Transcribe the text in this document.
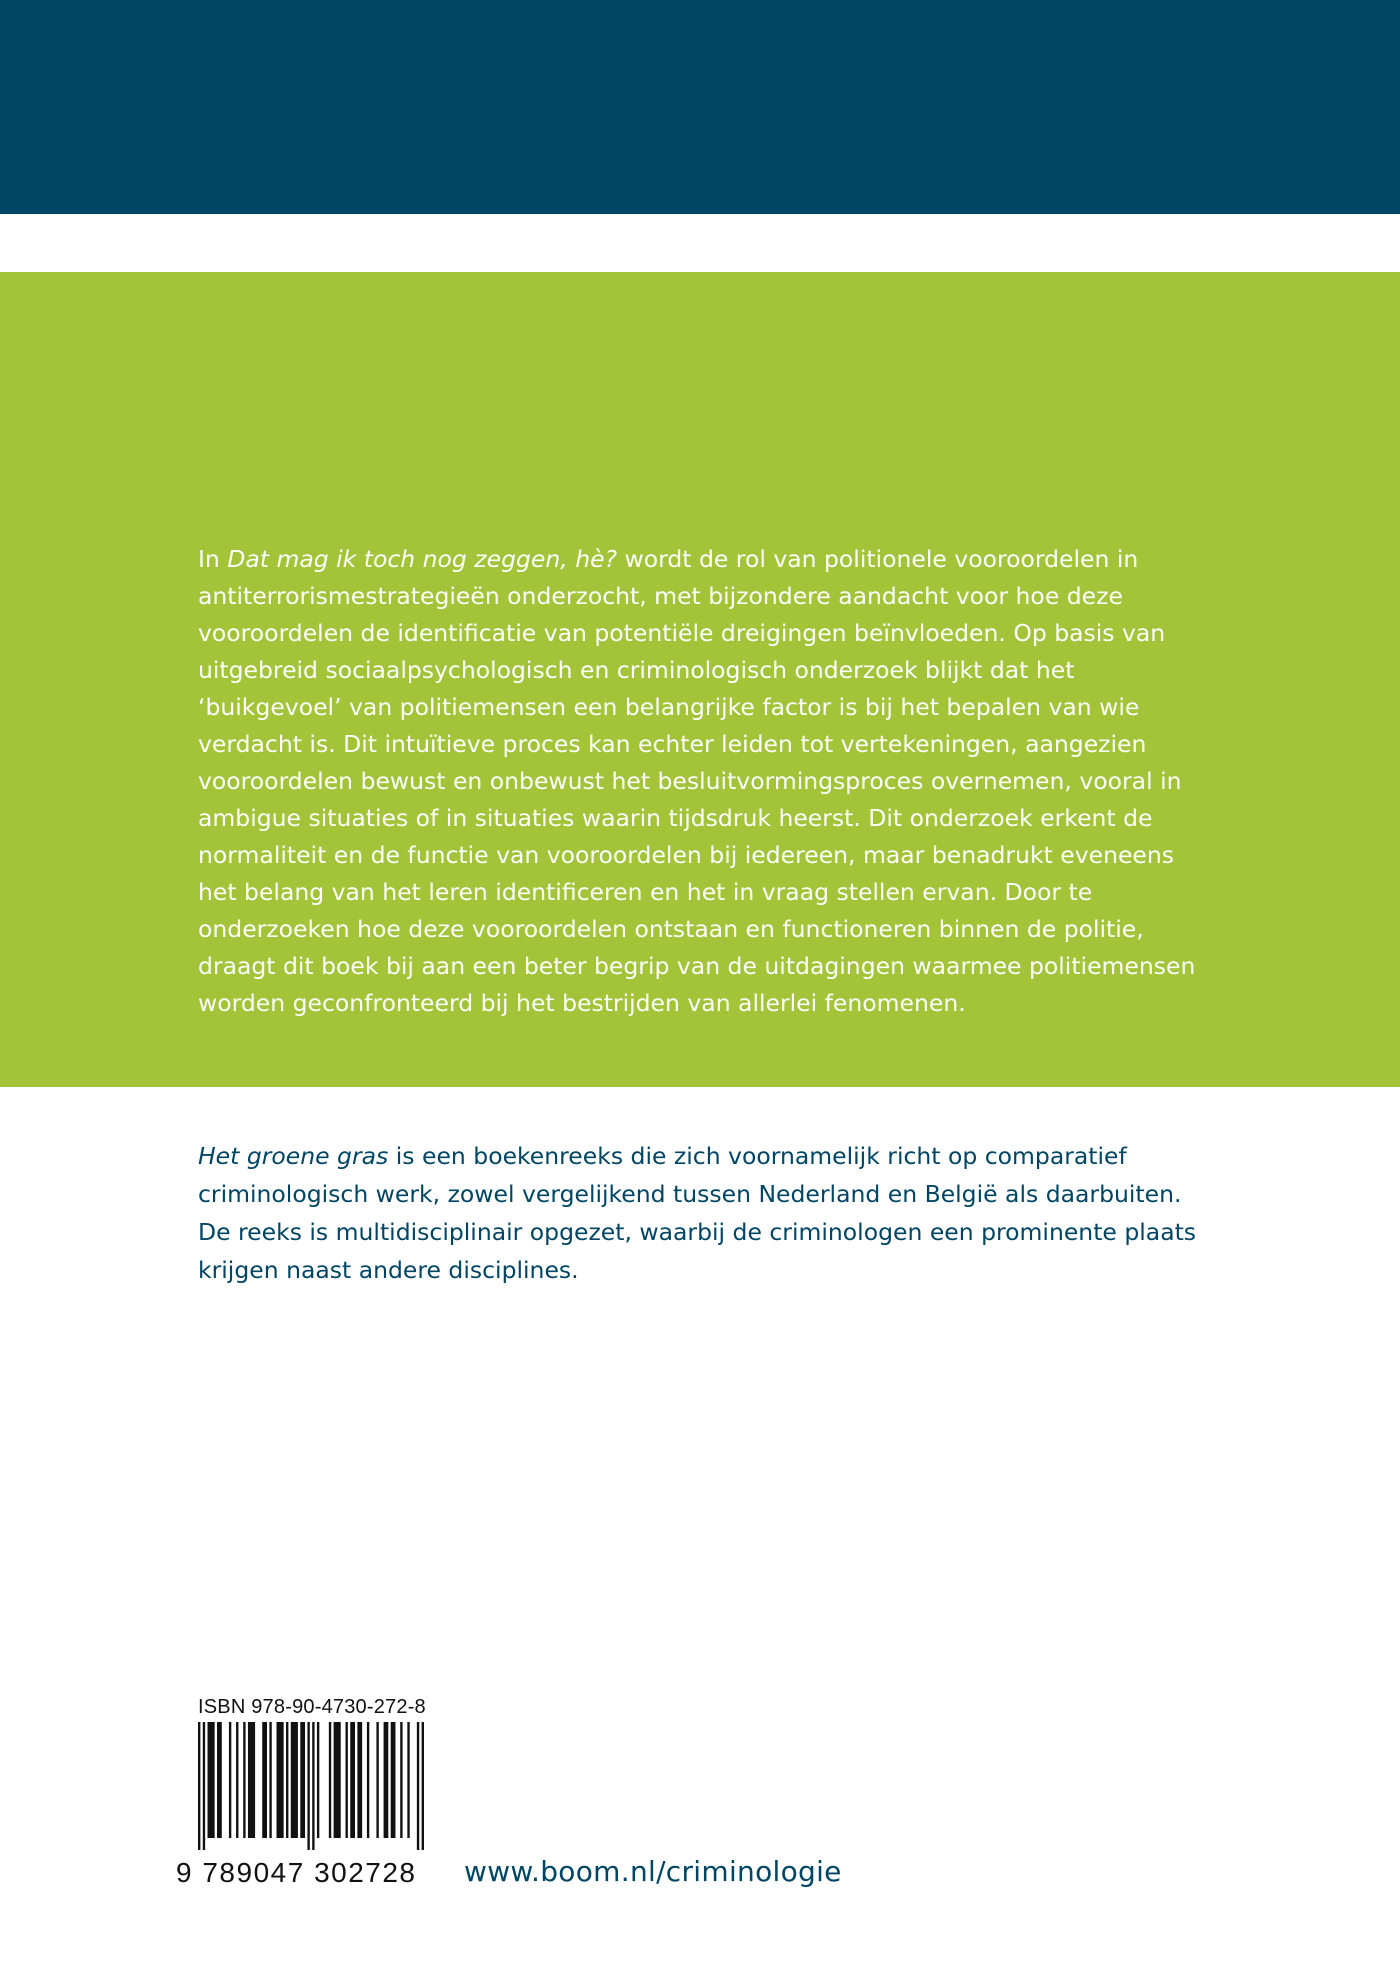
In Dat mag ik toch nog zeggen, hè? wordt de rol van politionele vooroordelen in antiterrorismestrategieën onderzocht, met bijzondere aandacht voor hoe deze vooroordelen de identificatie van potentiële dreigingen beïnvloeden. Op basis van uitgebreid sociaalpsychologisch en criminologisch onderzoek blijkt dat het ‘buikgevoel’ van politiemensen een belangrijke factor is bij het bepalen van wie verdacht is. Dit intuïtieve proces kan echter leiden tot vertekeningen, aangezien vooroordelen bewust en onbewust het besluitvormingsproces overnemen, vooral in ambigue situaties of in situaties waarin tijdsdruk heerst. Dit onderzoek erkent de normaliteit en de functie van vooroordelen bij iedereen, maar benadrukt eveneens het belang van het leren identificeren en het in vraag stellen ervan. Door te onderzoeken hoe deze vooroordelen ontstaan en functioneren binnen de politie, draagt dit boek bij aan een beter begrip van de uitdagingen waarmee politiemensen worden geconfronteerd bij het bestrijden van allerlei fenomenen.

Het groene gras is een boekenreeks die zich voornamelijk richt op comparatief criminologisch werk, zowel vergelijkend tussen Nederland en België als daarbuiten. De reeks is multidisciplinair opgezet, waarbij de criminologen een prominente plaats krijgen naast andere disciplines.

ISBN 978-90-4730-272-8
9 789047 302728 www.boom.nl/criminologie
